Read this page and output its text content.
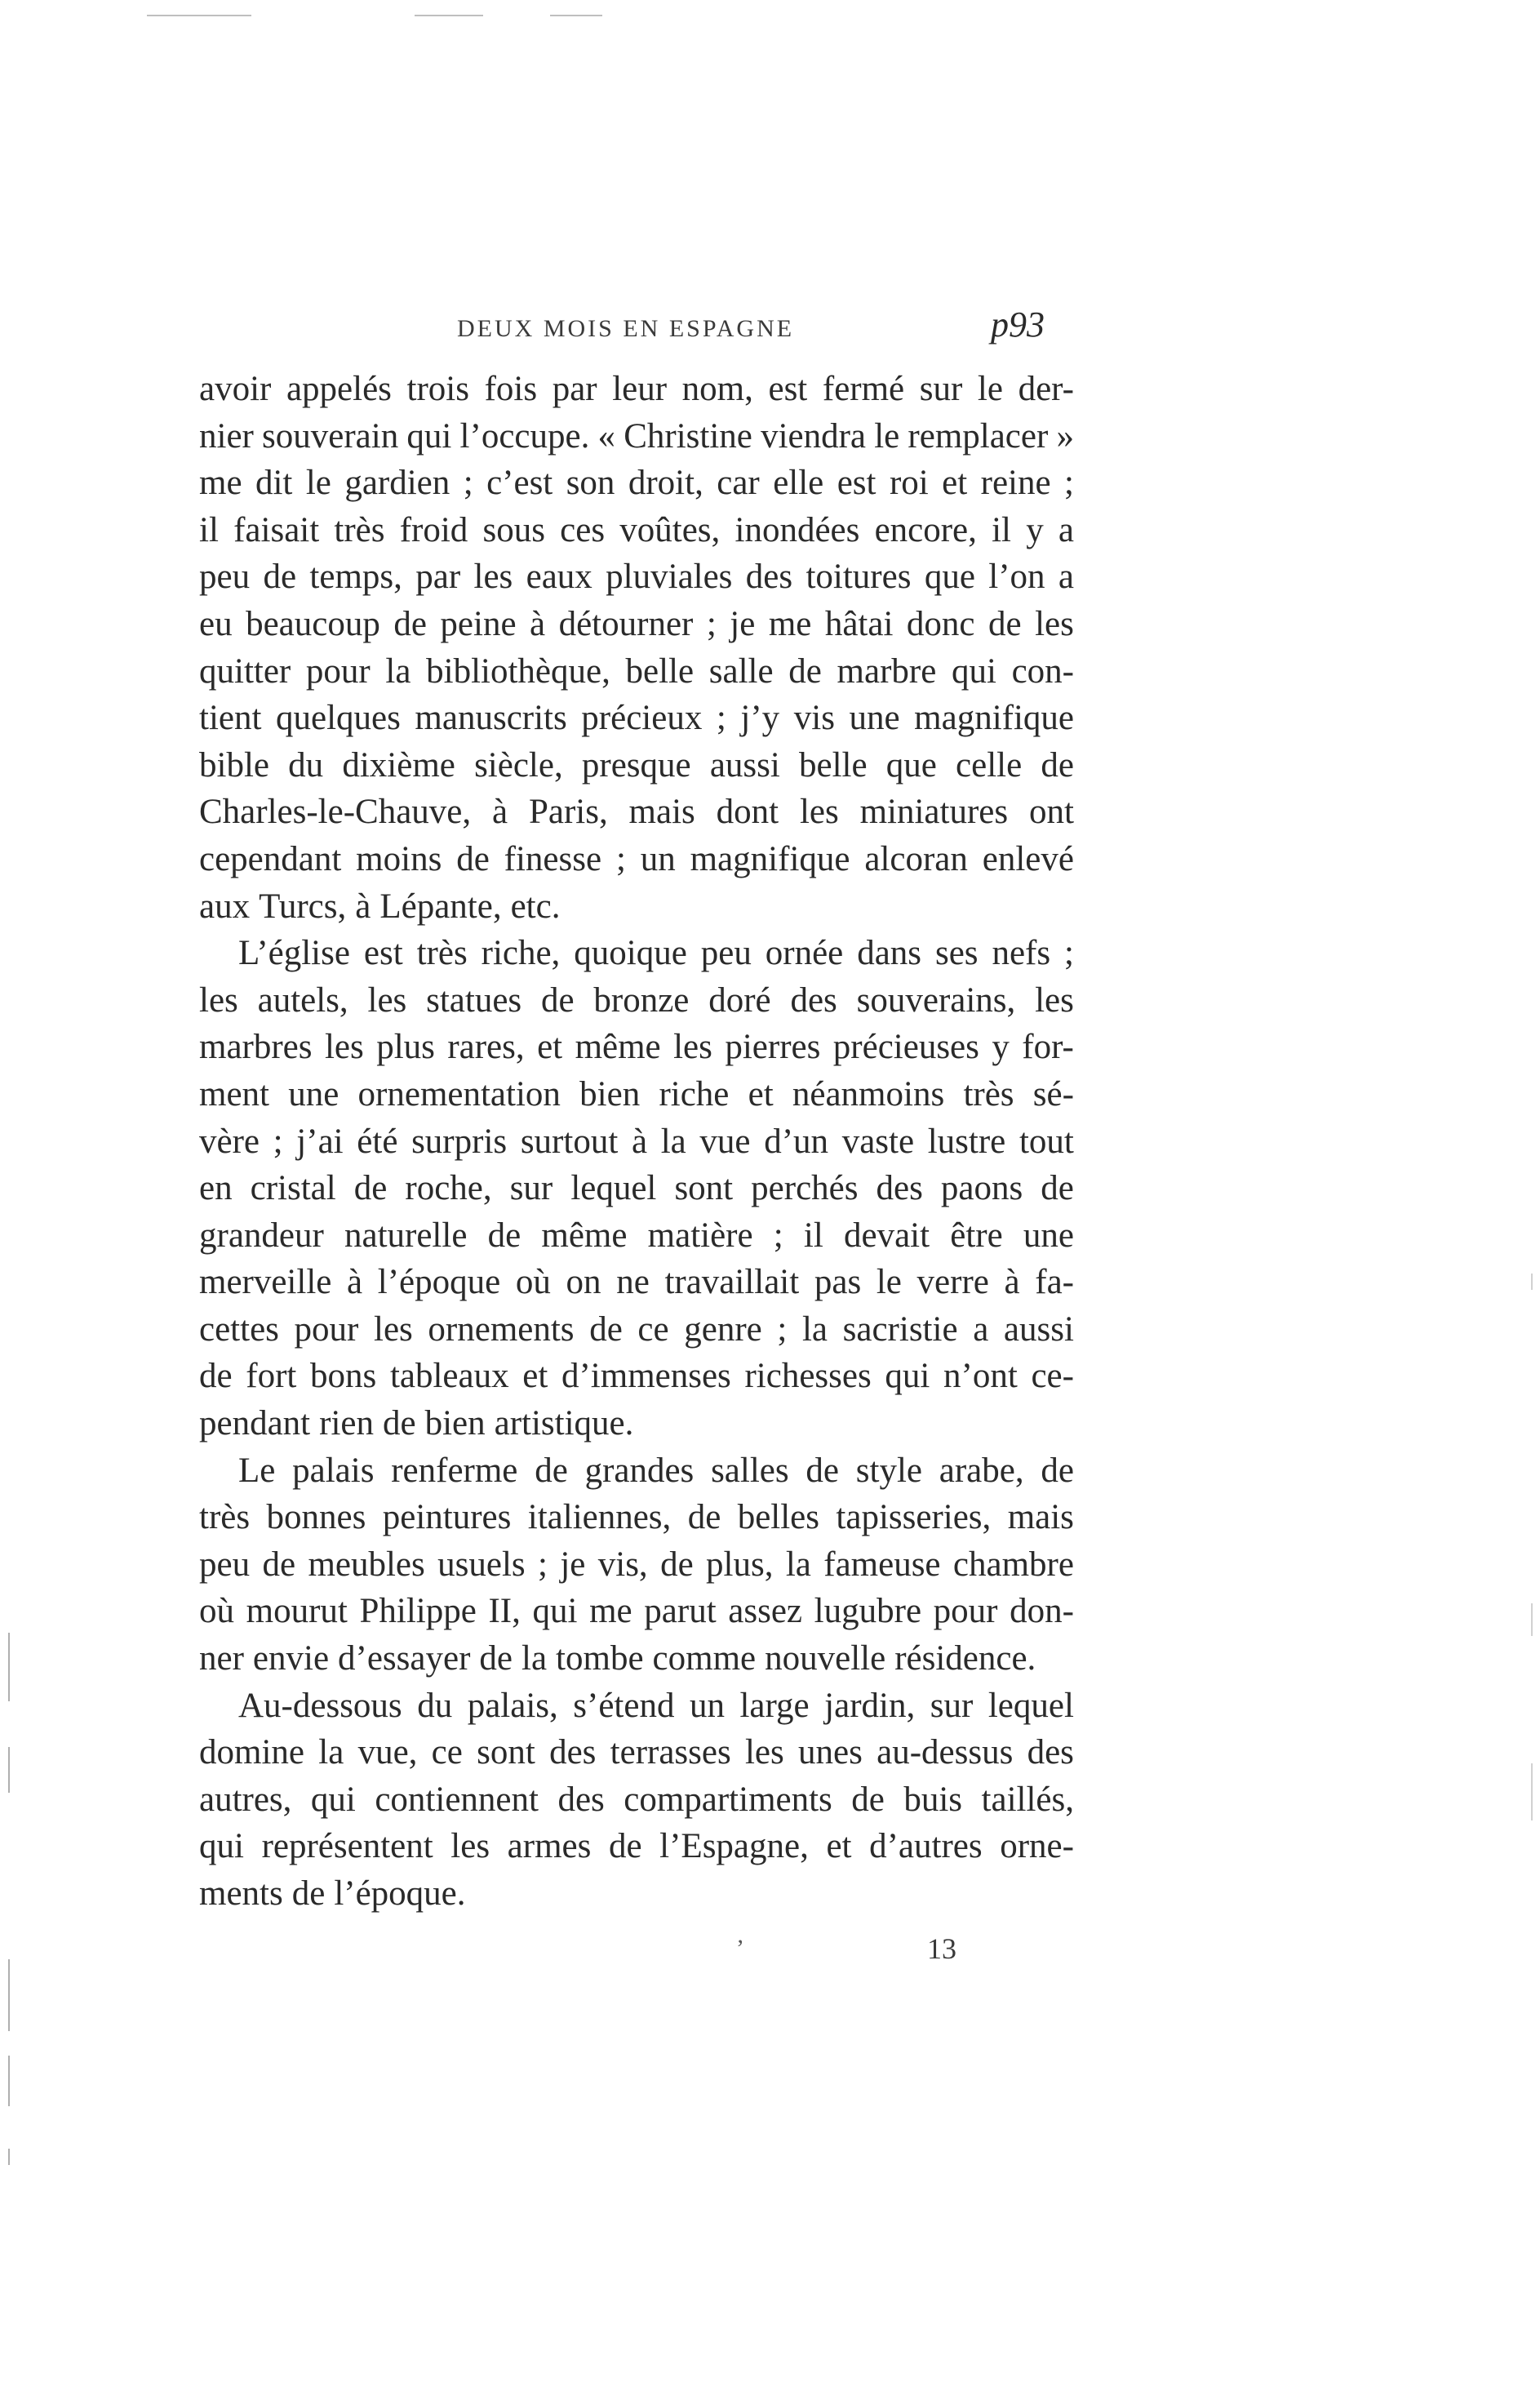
DEUX MOIS EN ESPAGNE	p93
avoir appelés trois fois par leur nom, est fermé sur le der-
nier souverain qui l’occupe. « Christine viendra le remplacer »
me dit le gardien ; c’est son droit, car elle est roi et reine ;
il faisait très froid sous ces voûtes, inondées encore, il y a
peu de temps, par les eaux pluviales des toitures que l’on a
eu beaucoup de peine à détourner ; je me hâtai donc de les
quitter pour la bibliothèque, belle salle de marbre qui con-
tient quelques manuscrits précieux ; j’y vis une magnifique
bible du dixième siècle, presque aussi belle que celle de
Charles-le-Chauve, à Paris, mais dont les miniatures ont
cependant moins de finesse ; un magnifique alcoran enlevé
aux Turcs, à Lépante, etc.
L’église est très riche, quoique peu ornée dans ses nefs ;
les autels, les statues de bronze doré des souverains, les
marbres les plus rares, et même les pierres précieuses y for-
ment une ornementation bien riche et néanmoins très sé-
vère ; j’ai été surpris surtout à la vue d’un vaste lustre tout
en cristal de roche, sur lequel sont perchés des paons de
grandeur naturelle de même matière ; il devait être une
merveille à l’époque où on ne travaillait pas le verre à fa-
cettes pour les ornements de ce genre ; la sacristie a aussi
de fort bons tableaux et d’immenses richesses qui n’ont ce-
pendant rien de bien artistique.
Le palais renferme de grandes salles de style arabe, de
très bonnes peintures italiennes, de belles tapisseries, mais
peu de meubles usuels ; je vis, de plus, la fameuse chambre
où mourut Philippe II, qui me parut assez lugubre pour don-
ner envie d’essayer de la tombe comme nouvelle résidence.
Au-dessous du palais, s’étend un large jardin, sur lequel
domine la vue, ce sont des terrasses les unes au-dessus des
autres, qui contiennent des compartiments de buis taillés,
qui représentent les armes de l’Espagne, et d’autres orne-
ments de l’époque.
’	13
